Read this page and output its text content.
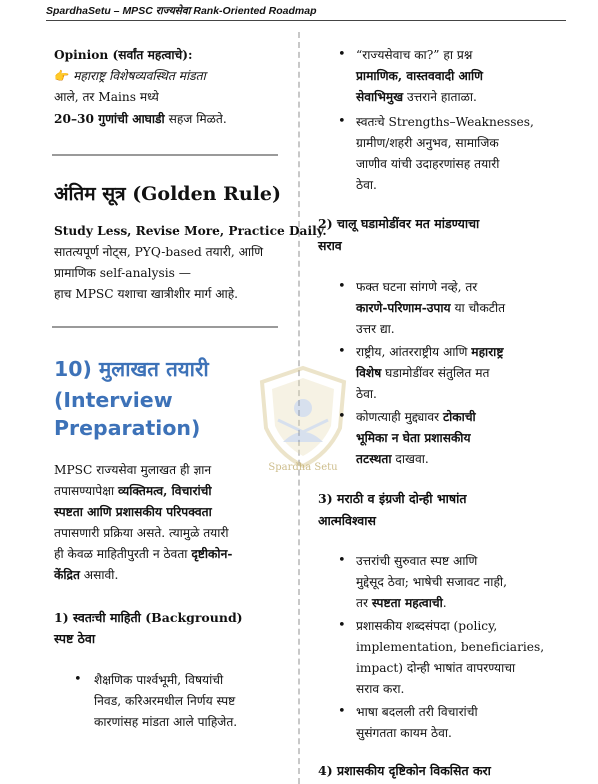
SpardhaSetu – MPSC राज्यसेवा Rank-Oriented Roadmap
Spardha Setu
Opinion (सर्वांत महत्वाचे):
👉 महाराष्ट्र विशेषव्यवस्थित मांडता
आले, तर Mains मध्ये
20–30 गुणांची आघाडी सहज मिळते.
अंतिम सूत्र (Golden Rule)
Study Less, Revise More, Practice Daily.
सातत्यपूर्ण नोट्स, PYQ-based तयारी, आणि
प्रामाणिक self-analysis —
हाच MPSC यशाचा खात्रीशीर मार्ग आहे.
10) मुलाखत तयारी
(Interview
Preparation)
MPSC राज्यसेवा मुलाखत ही ज्ञान
तपासण्यापेक्षा व्यक्तिमत्व, विचारांची
स्पष्टता आणि प्रशासकीय परिपक्वता
तपासणारी प्रक्रिया असते. त्यामुळे तयारी
ही केवळ माहितीपुरती न ठेवता दृष्टीकोन-
केंद्रित असावी.
1) स्वतःची माहिती (Background)
स्पष्ट ठेवा
• शैक्षणिक पार्श्वभूमी, विषयांची
निवड, करिअरमधील निर्णय स्पष्ट
कारणांसह मांडता आले पाहिजेत.
• “राज्यसेवाच का?” हा प्रश्न
प्रामाणिक, वास्तववादी आणि
सेवाभिमुख उत्तराने हाताळा.
• स्वतःचे Strengths–Weaknesses,
ग्रामीण/शहरी अनुभव, सामाजिक
जाणीव यांची उदाहरणांसह तयारी
ठेवा.
2) चालू घडामोडींवर मत मांडण्याचा
सराव
• फक्त घटना सांगणे नव्हे, तर
कारणे-परिणाम-उपाय या चौकटीत
उत्तर द्या.
• राष्ट्रीय, आंतरराष्ट्रीय आणि महाराष्ट्र
विशेष घडामोडींवर संतुलित मत
ठेवा.
• कोणत्याही मुद्द्यावर टोकाची
भूमिका न घेता प्रशासकीय
तटस्थता दाखवा.
3) मराठी व इंग्रजी दोन्ही भाषांत
आत्मविश्वास
• उत्तरांची सुरुवात स्पष्ट आणि
मुद्देसूद ठेवा; भाषेची सजावट नाही,
तर स्पष्टता महत्वाची.
• प्रशासकीय शब्दसंपदा (policy,
implementation, beneficiaries,
impact) दोन्ही भाषांत वापरण्याचा
सराव करा.
• भाषा बदलली तरी विचारांची
सुसंगतता कायम ठेवा.
4) प्रशासकीय दृष्टिकोन विकसित करा
